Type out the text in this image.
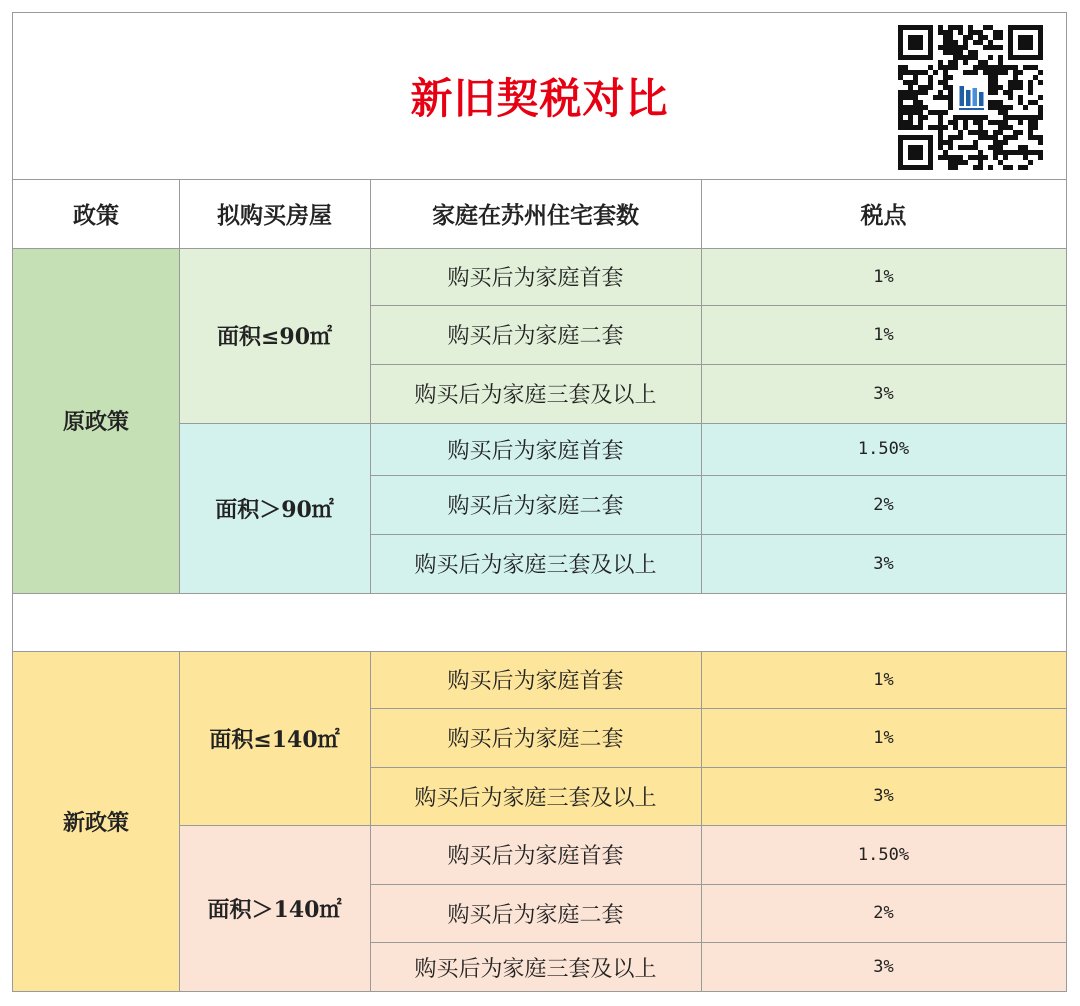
新旧契税对比
政策	拟购买房屋	家庭在苏州住宅套数	税点
原政策
面积≤90㎡
购买后为家庭首套	1%
购买后为家庭二套	1%
购买后为家庭三套及以上	3%
面积＞90㎡
购买后为家庭首套	1.50%
购买后为家庭二套	2%
购买后为家庭三套及以上	3%
新政策
面积≤140㎡
购买后为家庭首套	1%
购买后为家庭二套	1%
购买后为家庭三套及以上	3%
面积＞140㎡
购买后为家庭首套	1.50%
购买后为家庭二套	2%
购买后为家庭三套及以上	3%
